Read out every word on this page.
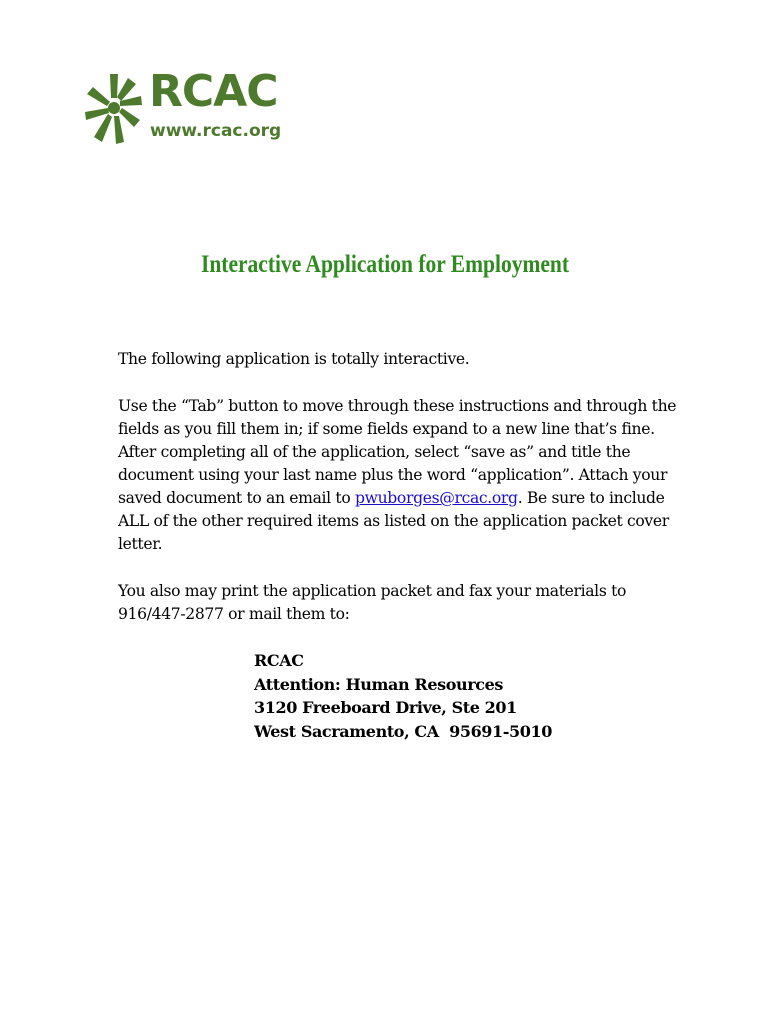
RCAC
www.rcac.org
Interactive Application for Employment

The following application is totally interactive.

Use the “Tab” button to move through these instructions and through the fields as you fill them in; if some fields expand to a new line that’s fine. After completing all of the application, select “save as” and title the document using your last name plus the word “application”. Attach your saved document to an email to pwuborges@rcac.org. Be sure to include ALL of the other required items as listed on the application packet cover letter.

You also may print the application packet and fax your materials to 916/447-2877 or mail them to:

RCAC
Attention: Human Resources
3120 Freeboard Drive, Ste 201
West Sacramento, CA  95691-5010
